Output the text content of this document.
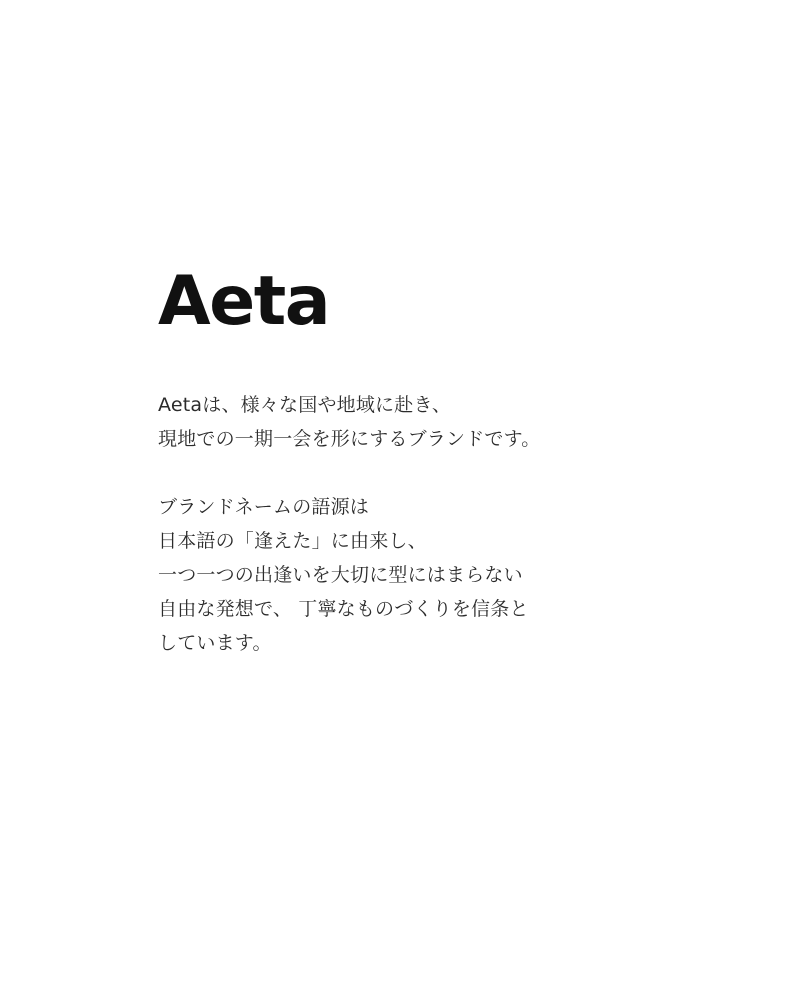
Aeta

Aetaは、様々な国や地域に赴き、
現地での一期一会を形にするブランドです。

ブランドネームの語源は
日本語の「逢えた」に由来し、
一つ一つの出逢いを大切に型にはまらない
自由な発想で、 丁寧なものづくりを信条と
しています。
